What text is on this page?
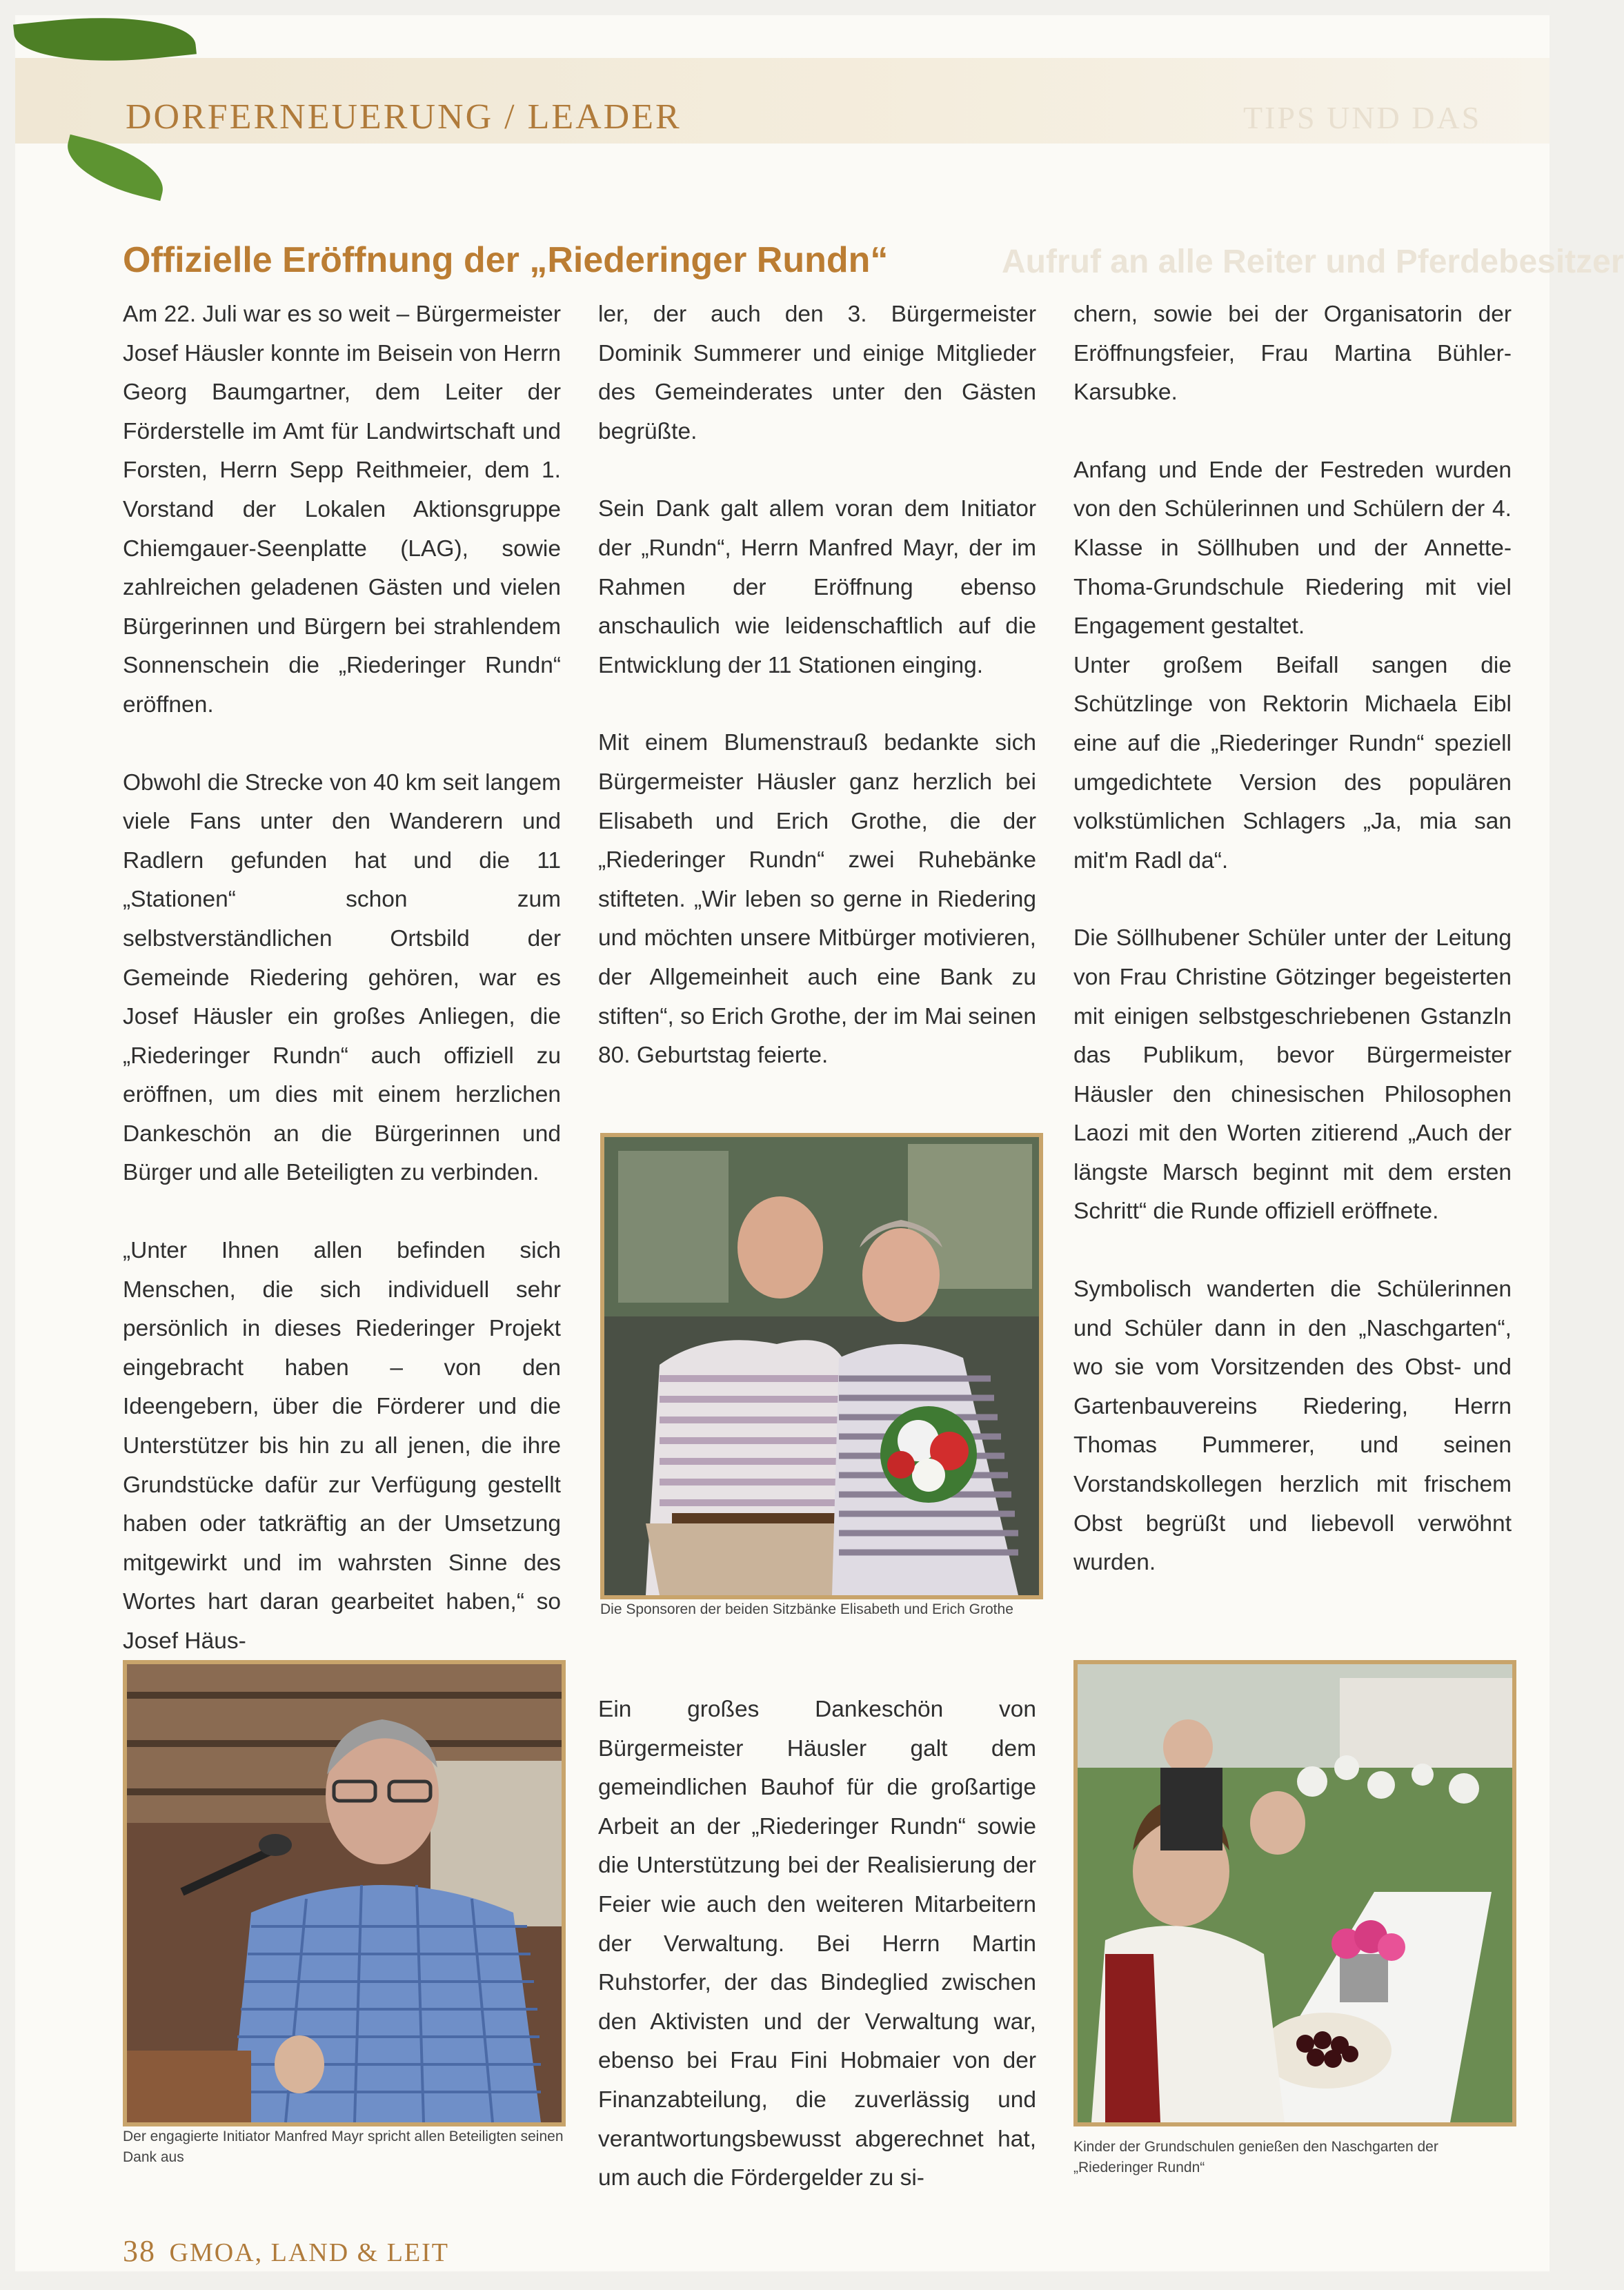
DORFERNEUERUNG / LEADER	TIPS UND DAS
Aufruf an alle Reiter und Pferdebesitzer
Offizielle Eröffnung der „Riederinger Rundn“

Am 22. Juli war es so weit – Bürgermeister Josef Häusler konnte im Beisein von Herrn Georg Baumgartner, dem Leiter der Förderstelle im Amt für Landwirtschaft und Forsten, Herrn Sepp Reithmeier, dem 1. Vorstand der Lokalen Aktionsgruppe Chiemgauer-Seenplatte (LAG), sowie zahlreichen geladenen Gästen und vielen Bürgerinnen und Bürgern bei strahlendem Sonnenschein die „Riederinger Rundn“ eröffnen.

Obwohl die Strecke von 40 km seit langem viele Fans unter den Wanderern und Radlern gefunden hat und die 11 „Stationen“ schon zum selbstverständlichen Ortsbild der Gemeinde Riedering gehören, war es Josef Häusler ein großes Anliegen, die „Riederinger Rundn“ auch offiziell zu eröffnen, um dies mit einem herzlichen Dankeschön an die Bürgerinnen und Bürger und alle Beteiligten zu verbinden.

„Unter Ihnen allen befinden sich Menschen, die sich individuell sehr persönlich in dieses Riederinger Projekt eingebracht haben – von den Ideengebern, über die Förderer und die Unterstützer bis hin zu all jenen, die ihre Grundstücke dafür zur Verfügung gestellt haben oder tatkräftig an der Umsetzung mitgewirkt und im wahrsten Sinne des Wortes hart daran gearbeitet haben,“ so Josef Häus-

ler, der auch den 3. Bürgermeister Dominik Summerer und einige Mitglieder des Gemeinderates unter den Gästen begrüßte.

Sein Dank galt allem voran dem Initiator der „Rundn“, Herrn Manfred Mayr, der im Rahmen der Eröffnung ebenso anschaulich wie leidenschaftlich auf die Entwicklung der 11 Stationen einging.

Mit einem Blumenstrauß bedankte sich Bürgermeister Häusler ganz herzlich bei Elisabeth und Erich Grothe, die der „Riederinger Rundn“ zwei Ruhebänke stifteten. „Wir leben so gerne in Riedering und möchten unsere Mitbürger motivieren, der Allgemeinheit auch eine Bank zu stiften“, so Erich Grothe, der im Mai seinen 80. Geburtstag feierte.

Ein großes Dankeschön von Bürgermeister Häusler galt dem gemeindlichen Bauhof für die großartige Arbeit an der „Riederinger Rundn“ sowie die Unterstützung bei der Realisierung der Feier wie auch den weiteren Mitarbeitern der Verwaltung. Bei Herrn Martin Ruhstorfer, der das Bindeglied zwischen den Aktivisten und der Verwaltung war, ebenso bei Frau Fini Hobmaier von der Finanzabteilung, die zuverlässig und verantwortungsbewusst abgerechnet hat, um auch die Fördergelder zu si-

chern, sowie bei der Organisatorin der Eröffnungsfeier, Frau Martina Bühler-Karsubke.

Anfang und Ende der Festreden wurden von den Schülerinnen und Schülern der 4. Klasse in Söllhuben und der Annette-Thoma-Grundschule Riedering mit viel Engagement gestaltet.

Unter großem Beifall sangen die Schützlinge von Rektorin Michaela Eibl eine auf die „Riederinger Rundn“ speziell umgedichtete Version des populären volkstümlichen Schlagers „Ja, mia san mit'm Radl da“.

Die Söllhubener Schüler unter der Leitung von Frau Christine Götzinger begeisterten mit einigen selbstgeschriebenen Gstanzln das Publikum, bevor Bürgermeister Häusler den chinesischen Philosophen Laozi mit den Worten zitierend „Auch der längste Marsch beginnt mit dem ersten Schritt“ die Runde offiziell eröffnete.

Symbolisch wanderten die Schülerinnen und Schüler dann in den „Naschgarten“, wo sie vom Vorsitzenden des Obst- und Gartenbauvereins Riedering, Herrn Thomas Pummerer, und seinen Vorstandskollegen herzlich mit frischem Obst begrüßt und liebevoll verwöhnt wurden.

Die Sponsoren der beiden Sitzbänke Elisabeth und Erich Grothe
Der engagierte Initiator Manfred Mayr spricht allen Beteiligten seinen Dank aus
Kinder der Grundschulen genießen den Naschgarten der „Riederinger Rundn“
38 GMOA, LAND & LEIT
